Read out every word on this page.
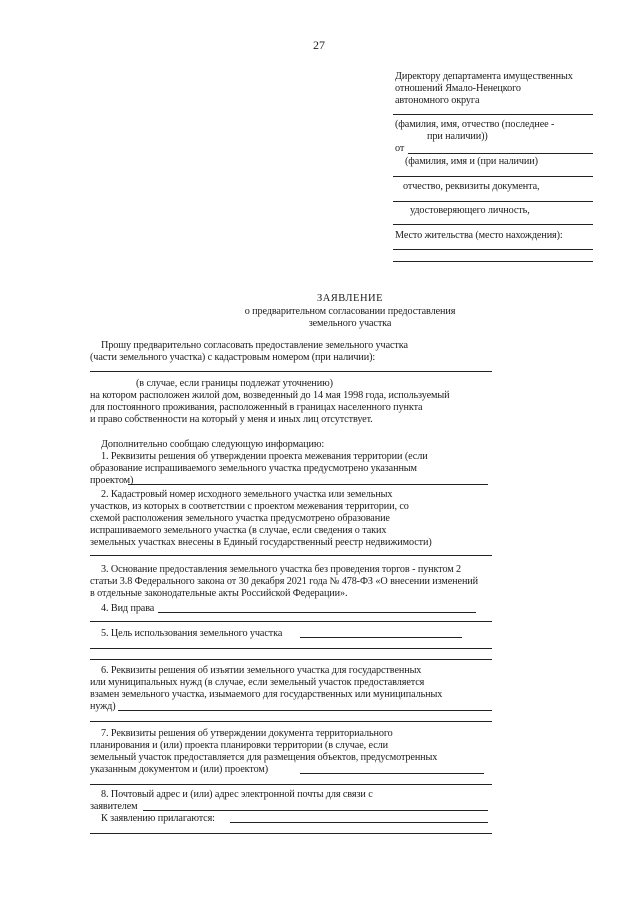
27
Директору департамента имущественных
отношений Ямало-Ненецкого
автономного округа
(фамилия, имя, отчество (последнее -
при наличии))
от
(фамилия, имя и (при наличии)
отчество, реквизиты документа,
удостоверяющего личность,
Место жительства (место нахождения):
ЗАЯВЛЕНИЕ
о предварительном согласовании предоставления
земельного участка
Прошу предварительно согласовать предоставление земельного участка
(части земельного участка) с кадастровым номером (при наличии):
(в случае, если границы подлежат уточнению)
на котором расположен жилой дом, возведенный до 14 мая 1998 года, используемый
для постоянного проживания, расположенный в границах населенного пункта
и право собственности на который у меня и иных лиц отсутствует.
Дополнительно сообщаю следующую информацию:
1. Реквизиты решения об утверждении проекта межевания территории (если
образование испрашиваемого земельного участка предусмотрено указанным
проектом)
2. Кадастровый номер исходного земельного участка или земельных
участков, из которых в соответствии с проектом межевания территории, со
схемой расположения земельного участка предусмотрено образование
испрашиваемого земельного участка (в случае, если сведения о таких
земельных участках внесены в Единый государственный реестр недвижимости)
3. Основание предоставления земельного участка без проведения торгов - пунктом 2
статьи 3.8 Федерального закона от 30 декабря 2021 года № 478-ФЗ «О внесении изменений
в отдельные законодательные акты Российской Федерации».
4. Вид права
5. Цель использования земельного участка
6. Реквизиты решения об изъятии земельного участка для государственных
или муниципальных нужд (в случае, если земельный участок предоставляется
взамен земельного участка, изымаемого для государственных или муниципальных
нужд)
7. Реквизиты решения об утверждении документа территориального
планирования и (или) проекта планировки территории (в случае, если
земельный участок предоставляется для размещения объектов, предусмотренных
указанным документом и (или) проектом)
8. Почтовый адрес и (или) адрес электронной почты для связи с
заявителем
К заявлению прилагаются:
